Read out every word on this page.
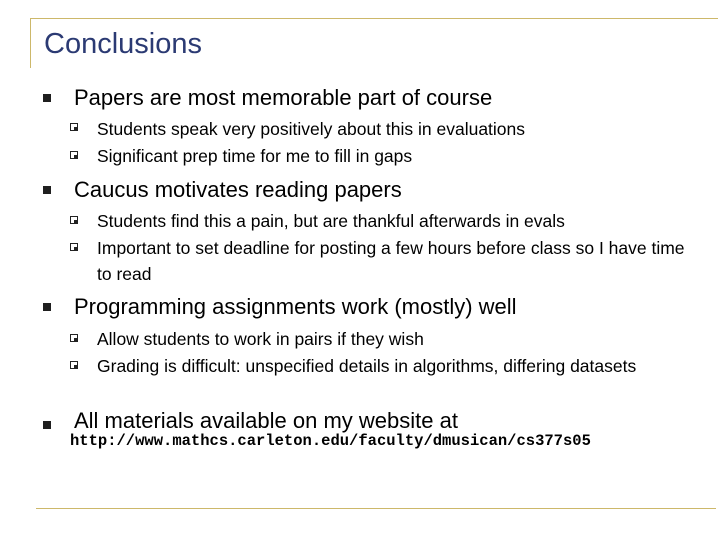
Conclusions
Papers are most memorable part of course
Students speak very positively about this in evaluations
Significant prep time for me to fill in gaps
Caucus motivates reading papers
Students find this a pain, but are thankful afterwards in evals
Important to set deadline for posting a few hours before class so I have time to read
Programming assignments work (mostly) well
Allow students to work in pairs if they wish
Grading is difficult: unspecified details in algorithms, differing datasets
All materials available on my website at
http://www.mathcs.carleton.edu/faculty/dmusican/cs377s05
